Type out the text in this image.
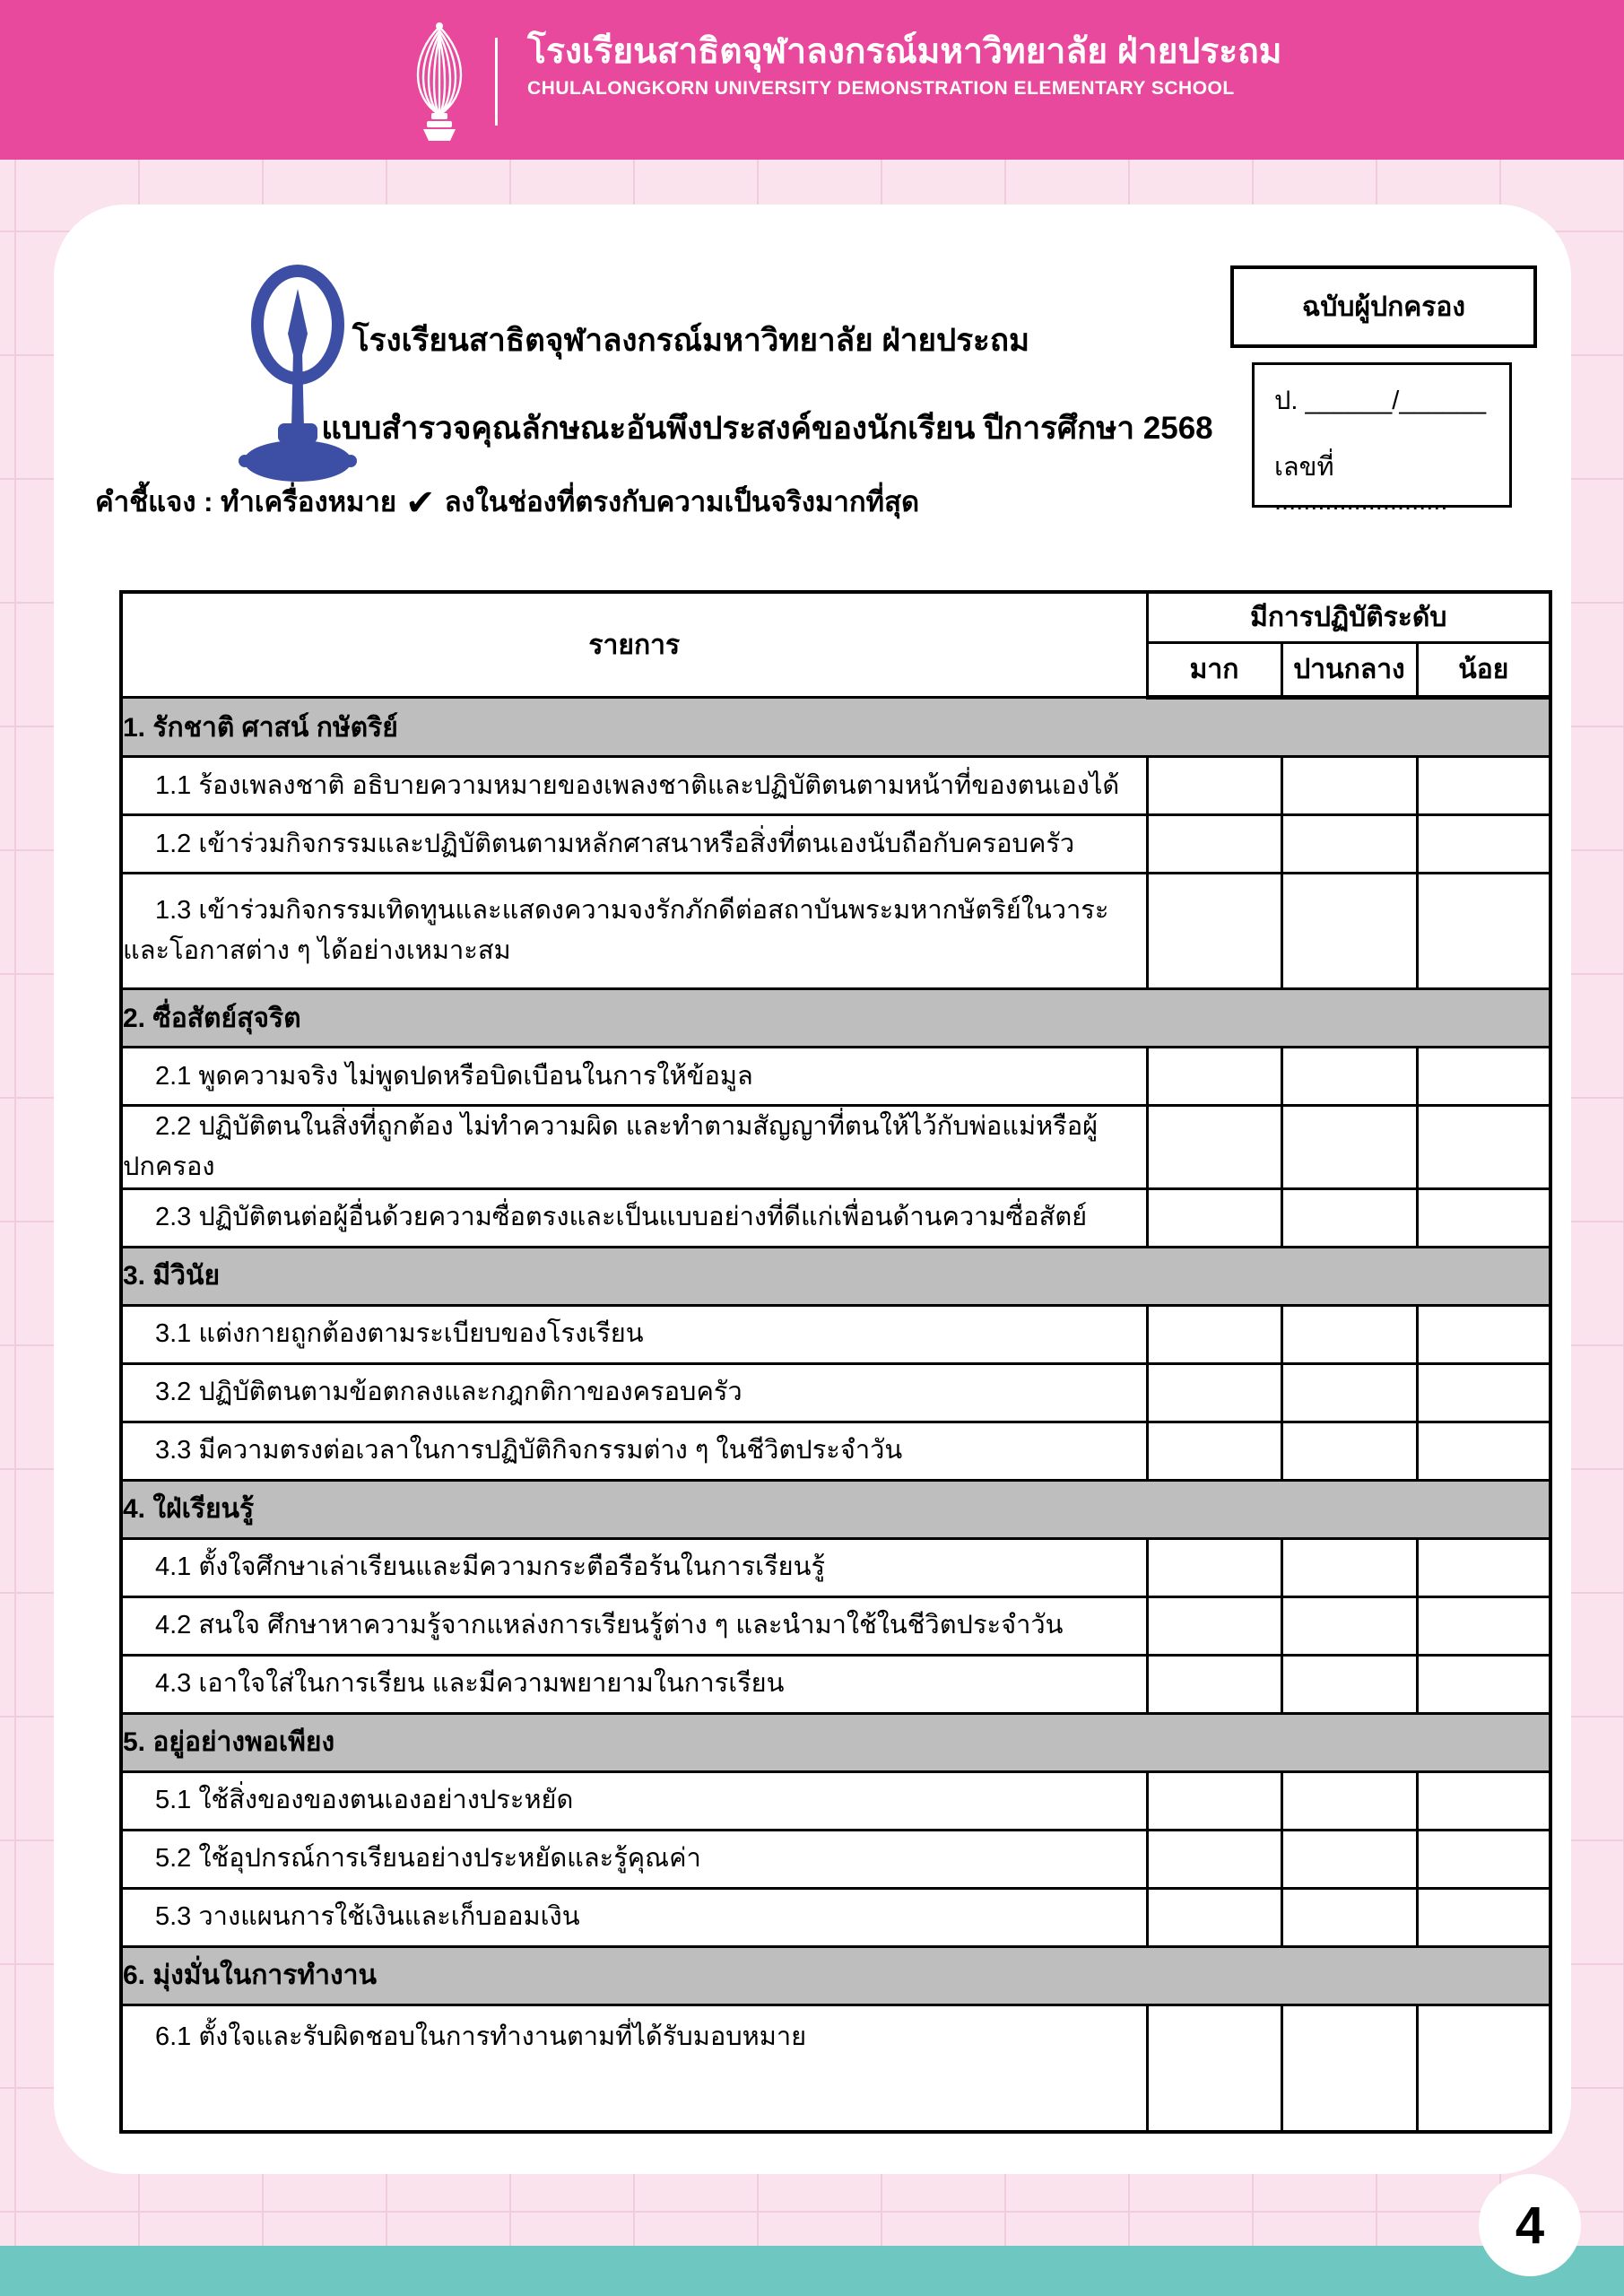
โรงเรียนสาธิตจุฬาลงกรณ์มหาวิทยาลัย ฝ่ายประถม
CHULALONGKORN UNIVERSITY DEMONSTRATION ELEMENTARY SCHOOL
โรงเรียนสาธิตจุฬาลงกรณ์มหาวิทยาลัย ฝ่ายประถม
แบบสำรวจคุณลักษณะอันพึงประสงค์ของนักเรียน ปีการศึกษา 2568
คำชี้แจง : ทำเครื่องหมาย ✔ ลงในช่องที่ตรงกับความเป็นจริงมากที่สุด
ฉบับผู้ปกครอง
ป. ______/______
เลขที่ ........................
รายการ	มีการปฏิบัติระดับ		
	มาก	ปานกลาง	น้อย
1. รักชาติ ศาสน์ กษัตริย์			
1.1 ร้องเพลงชาติ อธิบายความหมายของเพลงชาติและปฏิบัติตนตามหน้าที่ของตนเองได้			
1.2 เข้าร่วมกิจกรรมและปฏิบัติตนตามหลักศาสนาหรือสิ่งที่ตนเองนับถือกับครอบครัว			
1.3 เข้าร่วมกิจกรรมเทิดทูนและแสดงความจงรักภักดีต่อสถาบันพระมหากษัตริย์ในวาระและโอกาสต่าง ๆ ได้อย่างเหมาะสม			
2. ซื่อสัตย์สุจริต			
2.1 พูดความจริง ไม่พูดปดหรือบิดเบือนในการให้ข้อมูล			
2.2 ปฏิบัติตนในสิ่งที่ถูกต้อง ไม่ทำความผิด และทำตามสัญญาที่ตนให้ไว้กับพ่อแม่หรือผู้ปกครอง			
2.3 ปฏิบัติตนต่อผู้อื่นด้วยความซื่อตรงและเป็นแบบอย่างที่ดีแก่เพื่อนด้านความซื่อสัตย์			
3. มีวินัย			
3.1 แต่งกายถูกต้องตามระเบียบของโรงเรียน			
3.2 ปฏิบัติตนตามข้อตกลงและกฎกติกาของครอบครัว			
3.3 มีความตรงต่อเวลาในการปฏิบัติกิจกรรมต่าง ๆ ในชีวิตประจำวัน			
4. ใฝ่เรียนรู้			
4.1 ตั้งใจศึกษาเล่าเรียนและมีความกระตือรือร้นในการเรียนรู้			
4.2 สนใจ ศึกษาหาความรู้จากแหล่งการเรียนรู้ต่าง ๆ และนำมาใช้ในชีวิตประจำวัน			
4.3 เอาใจใส่ในการเรียน และมีความพยายามในการเรียน			
5. อยู่อย่างพอเพียง			
5.1 ใช้สิ่งของของตนเองอย่างประหยัด			
5.2 ใช้อุปกรณ์การเรียนอย่างประหยัดและรู้คุณค่า			
5.3 วางแผนการใช้เงินและเก็บออมเงิน			
6. มุ่งมั่นในการทำงาน			
6.1 ตั้งใจและรับผิดชอบในการทำงานตามที่ได้รับมอบหมาย			
4
